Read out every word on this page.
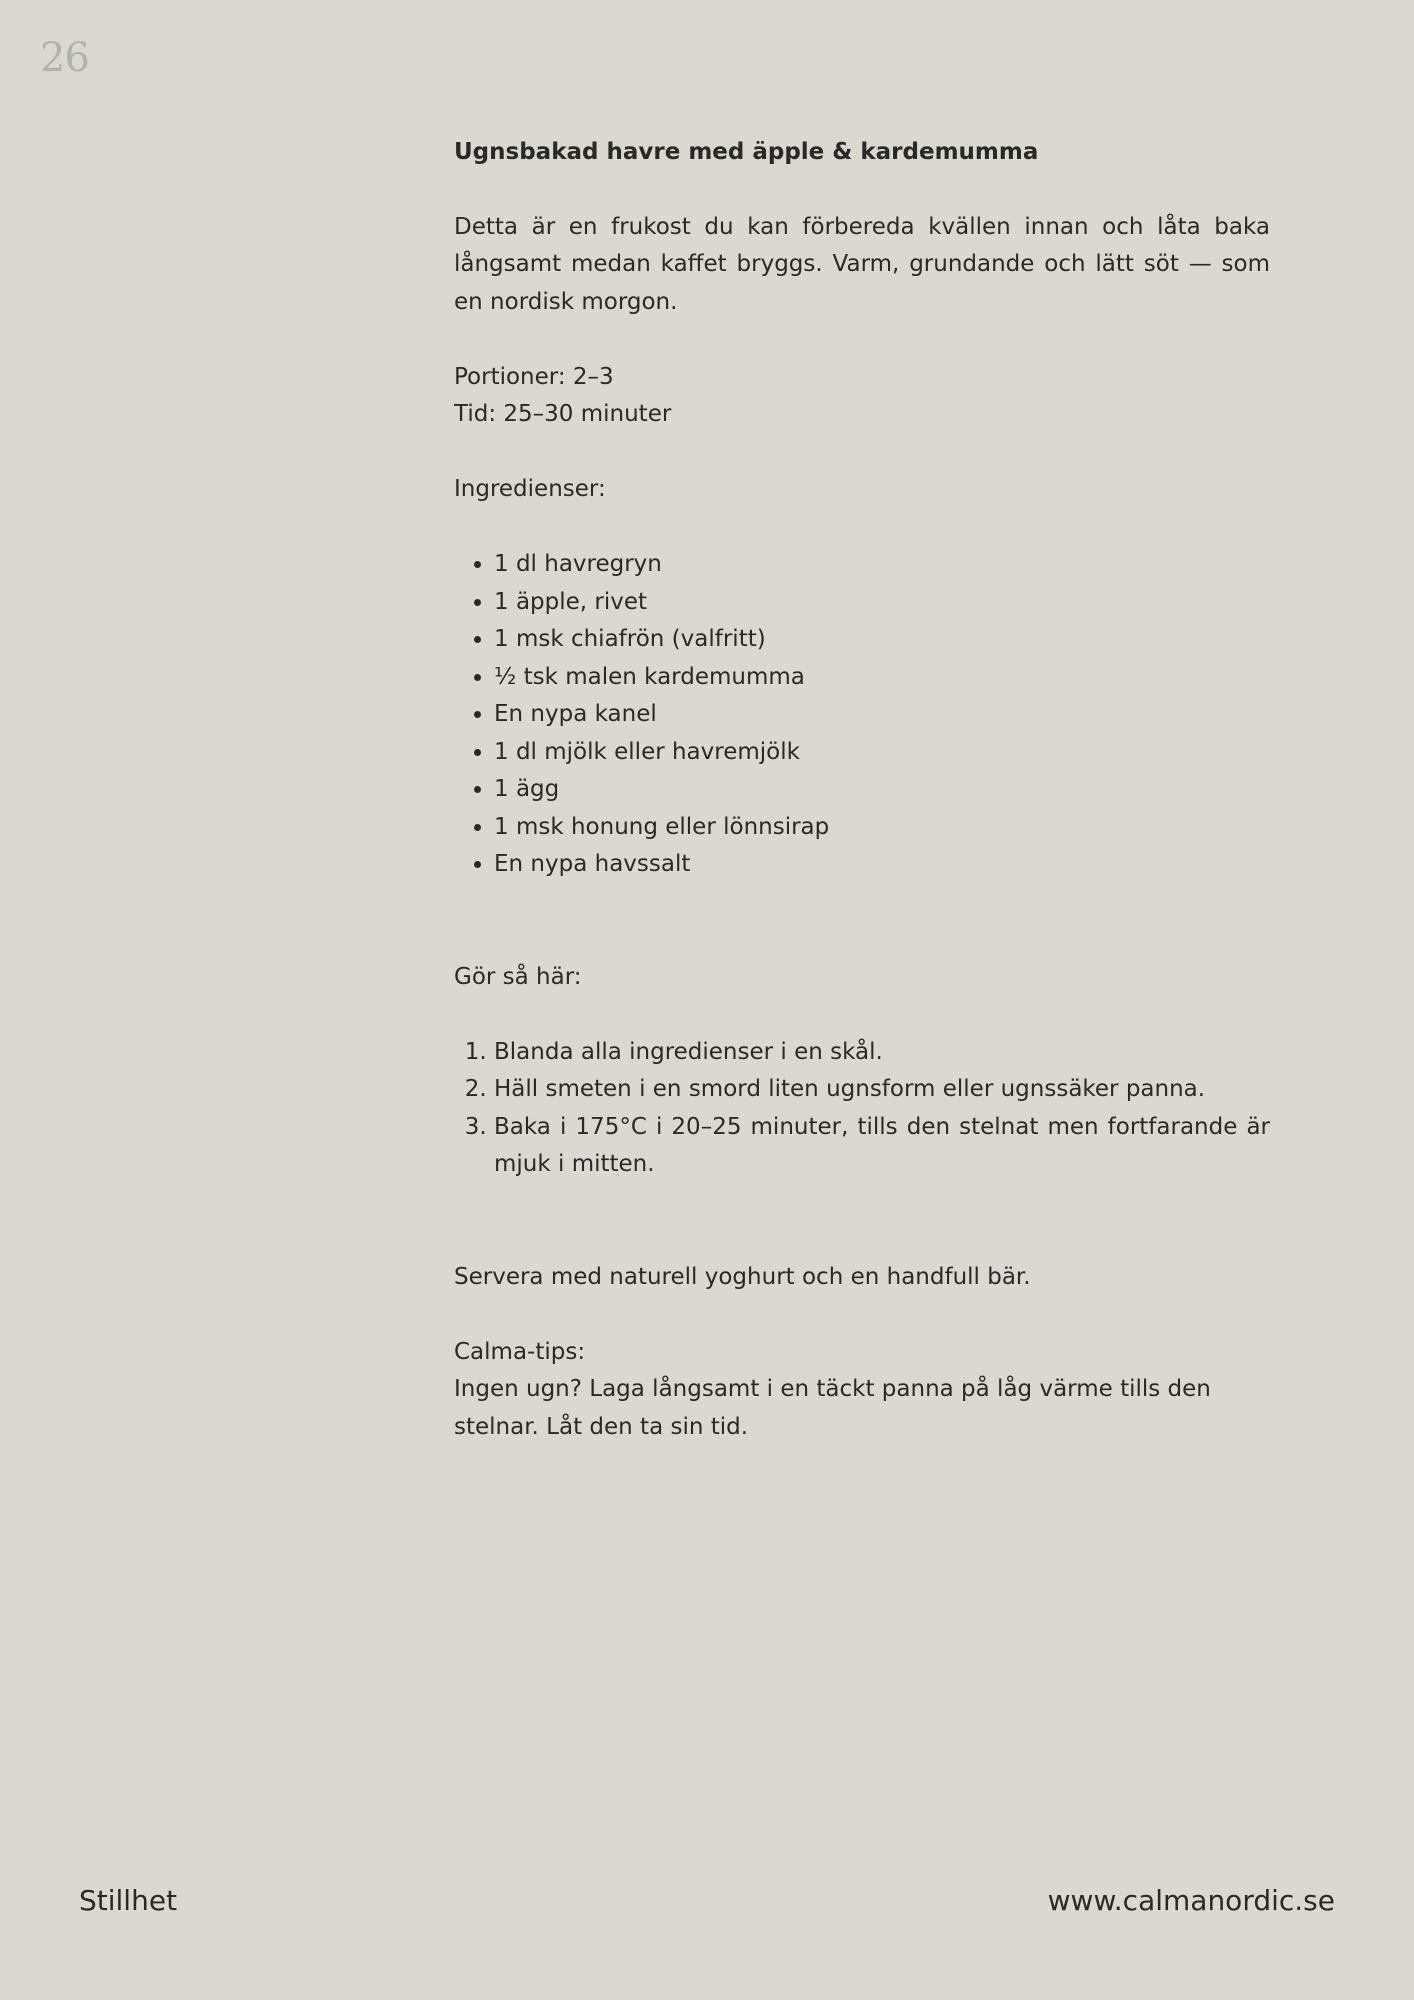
26

Ugnsbakad havre med äpple & kardemumma

Detta är en frukost du kan förbereda kvällen innan och låta baka långsamt medan kaffet bryggs. Varm, grundande och lätt söt — som en nordisk morgon.

Portioner: 2–3

Tid: 25–30 minuter

Ingredienser:

• 1 dl havregryn
• 1 äpple, rivet
• 1 msk chiafrön (valfritt)
• ½ tsk malen kardemumma
• En nypa kanel
• 1 dl mjölk eller havremjölk
• 1 ägg
• 1 msk honung eller lönnsirap
• En nypa havssalt

Gör så här:

1. Blanda alla ingredienser i en skål.
2. Häll smeten i en smord liten ugnsform eller ugnssäker panna.
3. Baka i 175°C i 20–25 minuter, tills den stelnat men fortfarande är mjuk i mitten.

Servera med naturell yoghurt och en handfull bär.

Calma-tips:

Ingen ugn? Laga långsamt i en täckt panna på låg värme tills den stelnar. Låt den ta sin tid.

Stillhet	www.calmanordic.se
